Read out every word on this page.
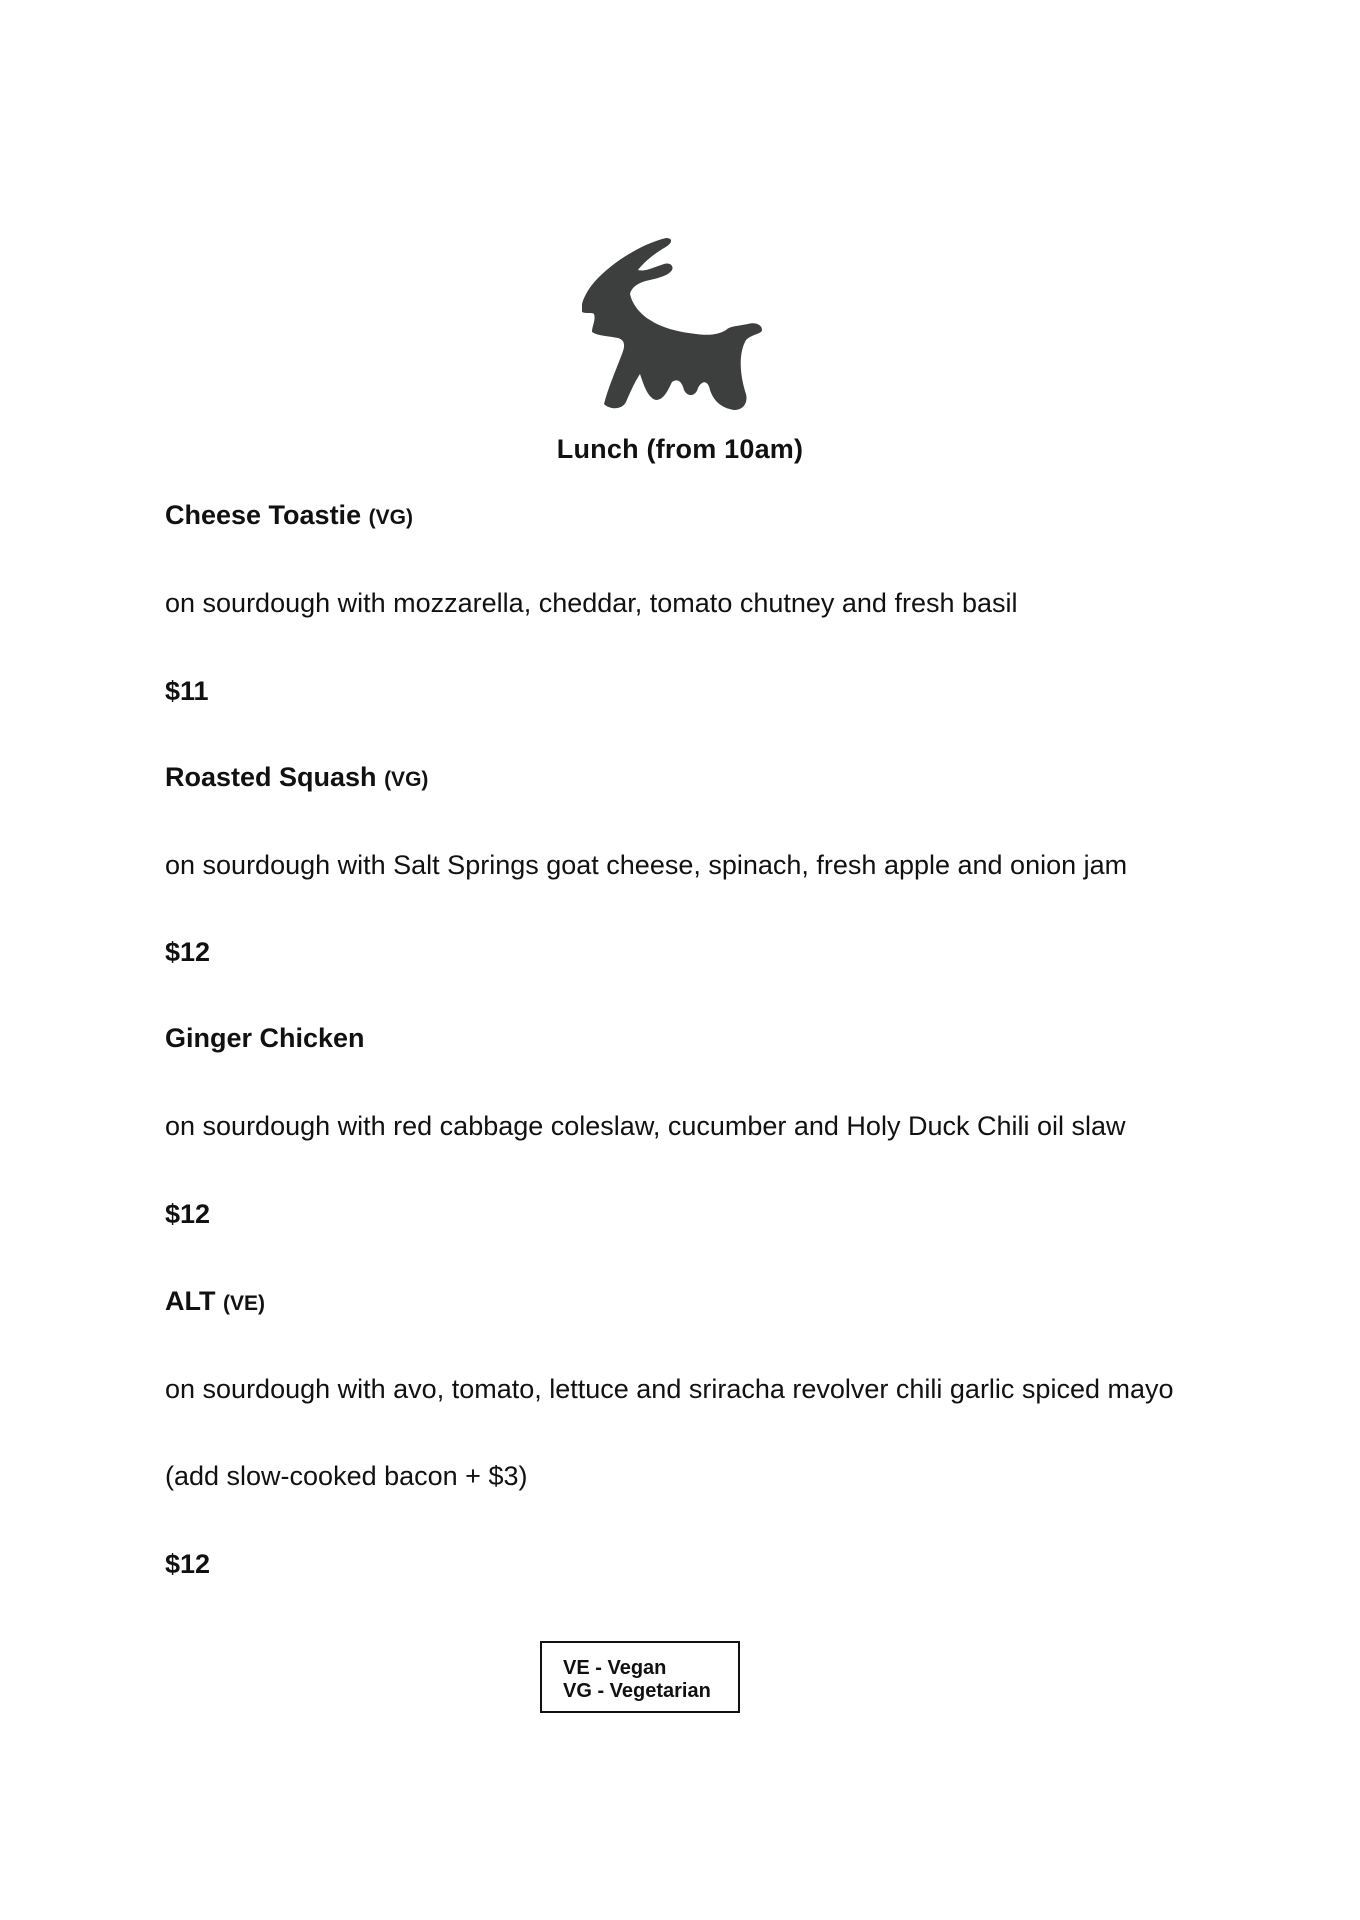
Lunch (from 10am)
Cheese Toastie (VG)
on sourdough with mozzarella, cheddar, tomato chutney and fresh basil
$11
Roasted Squash (VG)
on sourdough with Salt Springs goat cheese, spinach, fresh apple and onion jam
$12
Ginger Chicken
on sourdough with red cabbage coleslaw, cucumber and Holy Duck Chili oil slaw
$12
ALT (VE)
on sourdough with avo, tomato, lettuce and sriracha revolver chili garlic spiced mayo
(add slow-cooked bacon + $3)
$12
VE - Vegan
VG - Vegetarian
